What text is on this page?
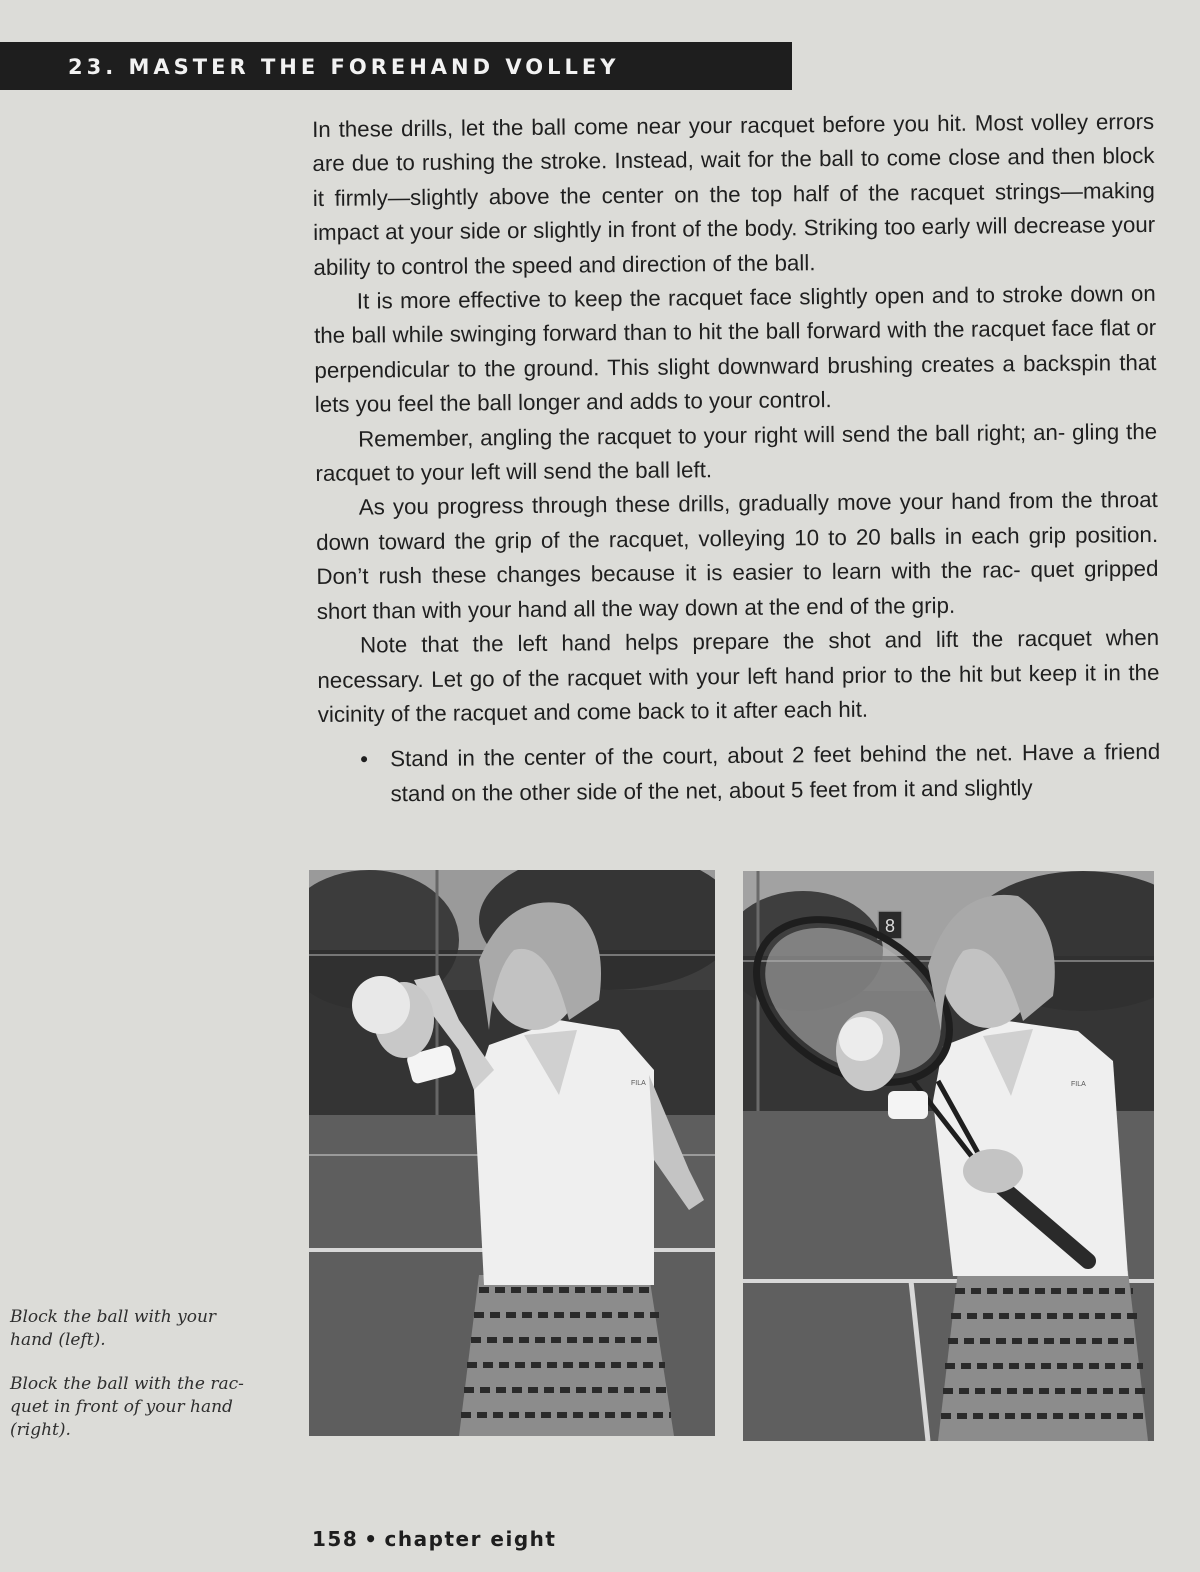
23. MASTER THE FOREHAND VOLLEY

In these drills, let the ball come near your racquet before you hit. Most volley errors are due to rushing the stroke. Instead, wait for the ball to come close and then block it firmly—slightly above the center on the top half of the racquet strings—making impact at your side or slightly in front of the body. Striking too early will decrease your ability to control the speed and direction of the ball.

It is more effective to keep the racquet face slightly open and to stroke down on the ball while swinging forward than to hit the ball forward with the racquet face flat or perpendicular to the ground. This slight downward brushing creates a backspin that lets you feel the ball longer and adds to your control.

Remember, angling the racquet to your right will send the ball right; an- gling the racquet to your left will send the ball left.

As you progress through these drills, gradually move your hand from the throat down toward the grip of the racquet, volleying 10 to 20 balls in each grip position. Don’t rush these changes because it is easier to learn with the rac- quet gripped short than with your hand all the way down at the end of the grip.

Note that the left hand helps prepare the shot and lift the racquet when necessary. Let go of the racquet with your left hand prior to the hit but keep it in the vicinity of the racquet and come back to it after each hit.

• Stand in the center of the court, about 2 feet behind the net. Have a friend stand on the other side of the net, about 5 feet from it and slightly
FILA
8
FILA
Block the ball with your hand (left).
Block the ball with the rac- quet in front of your hand (right).
158 • chapter eight
